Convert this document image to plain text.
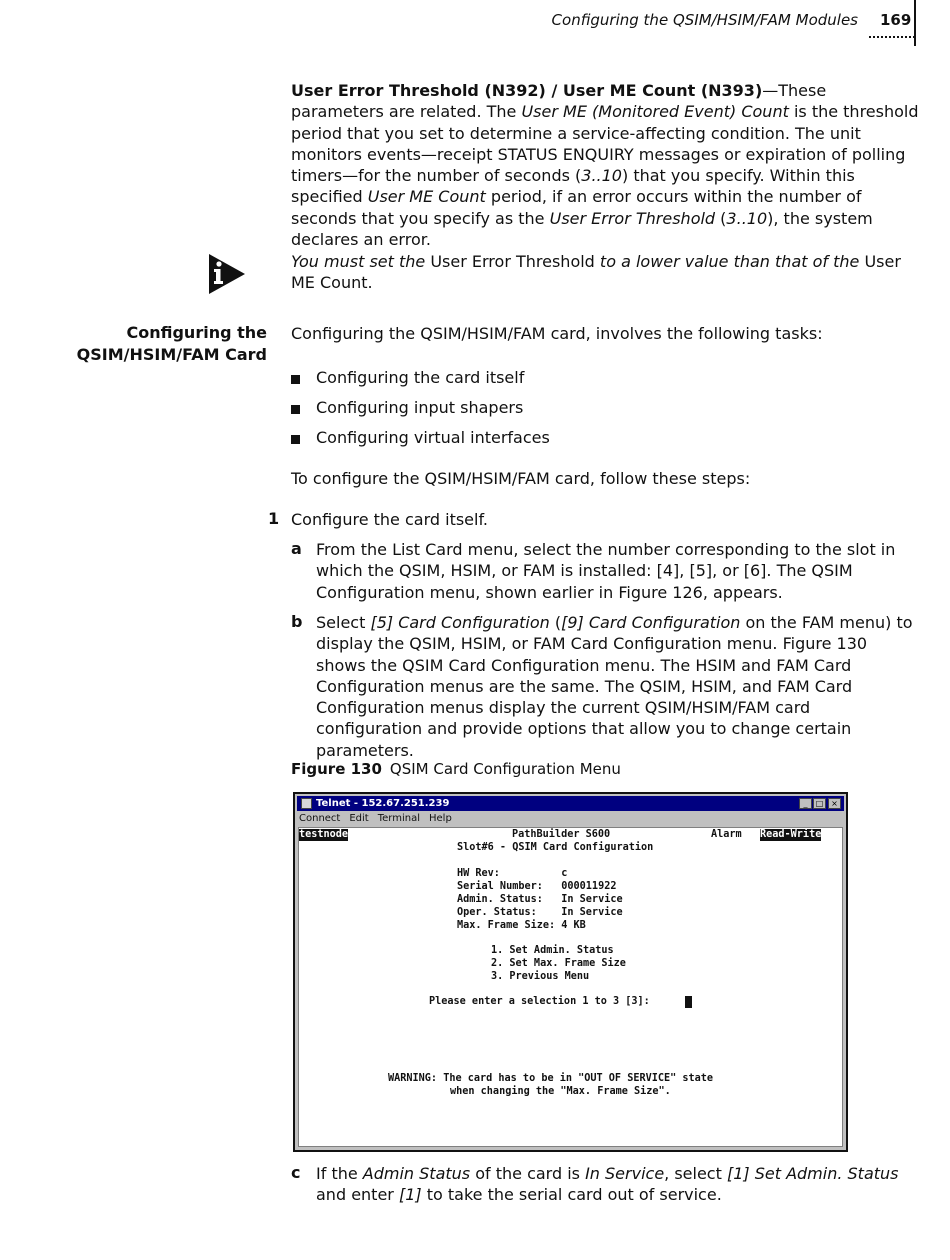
Configuring the QSIM/HSIM/FAM Modules 169
User Error Threshold (N392) / User ME Count (N393)—These parameters are related. The User ME (Monitored Event) Count is the threshold period that you set to determine a service-affecting condition. The unit monitors events—receipt STATUS ENQUIRY messages or expiration of polling timers—for the number of seconds (3..10) that you specify. Within this specified User ME Count period, if an error occurs within the number of seconds that you specify as the User Error Threshold (3..10), the system declares an error.
You must set the User Error Threshold to a lower value than that of the User ME Count.
Configuring the
QSIM/HSIM/FAM Card
Configuring the QSIM/HSIM/FAM card, involves the following tasks:
Configuring the card itself
Configuring input shapers
Configuring virtual interfaces
To configure the QSIM/HSIM/FAM card, follow these steps:
1 Configure the card itself.
a From the List Card menu, select the number corresponding to the slot in which the QSIM, HSIM, or FAM is installed: [4], [5], or [6]. The QSIM Configuration menu, shown earlier in Figure 126, appears.
b Select [5] Card Configuration ([9] Card Configuration on the FAM menu) to display the QSIM, HSIM, or FAM Card Configuration menu. Figure 130 shows the QSIM Card Configuration menu. The HSIM and FAM Card Configuration menus are the same. The QSIM, HSIM, and FAM Card Configuration menus display the current QSIM/HSIM/FAM card configuration and provide options that allow you to change certain parameters.
Figure 130 QSIM Card Configuration Menu
Telnet - 152.67.251.239	_	□ ×
Connect Edit Terminal Help
testnode	PathBuilder S600	Alarm Read-Write
Slot#6 - QSIM Card Configuration
HW Rev:          c
Serial Number:   000011922
Admin. Status:   In Service
Oper. Status:    In Service
Max. Frame Size: 4 KB
1. Set Admin. Status
2. Set Max. Frame Size
3. Previous Menu
Please enter a selection 1 to 3 [3]:
WARNING: The card has to be in "OUT OF SERVICE" state
when changing the "Max. Frame Size".
c If the Admin Status of the card is In Service, select [1] Set Admin. Status and enter [1] to take the serial card out of service.
